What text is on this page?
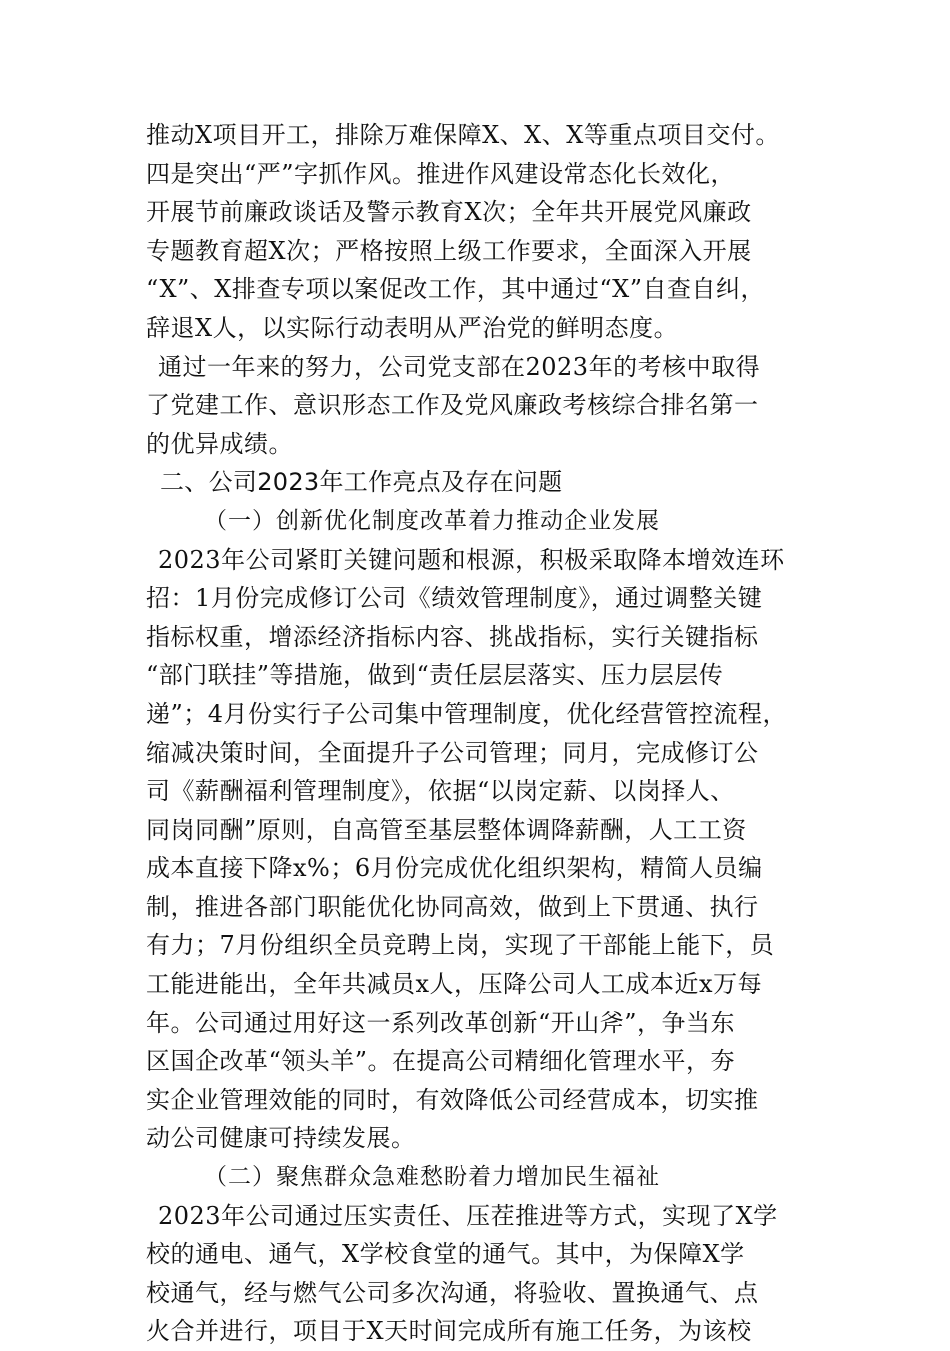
推动X项目开工，排除万难保障X、X、X等重点项目交付。
四是突出“严”字抓作风。推进作风建设常态化长效化，
开展节前廉政谈话及警示教育X次；全年共开展党风廉政
专题教育超X次；严格按照上级工作要求，全面深入开展
“X”、X排查专项以案促改工作，其中通过“X”自查自纠，
辞退X人，以实际行动表明从严治党的鲜明态度。
通过一年来的努力，公司党支部在2023年的考核中取得
了党建工作、意识形态工作及党风廉政考核综合排名第一
的优异成绩。
二、公司2023年工作亮点及存在问题
（一）创新优化制度改革着力推动企业发展
2023年公司紧盯关键问题和根源，积极采取降本增效连环
招：1月份完成修订公司《绩效管理制度》，通过调整关键
指标权重，增添经济指标内容、挑战指标，实行关键指标
“部门联挂”等措施，做到“责任层层落实、压力层层传
递”；4月份实行子公司集中管理制度，优化经营管控流程，
缩减决策时间，全面提升子公司管理；同月，完成修订公
司《薪酬福利管理制度》，依据“以岗定薪、以岗择人、
同岗同酬”原则，自高管至基层整体调降薪酬，人工工资
成本直接下降x%；6月份完成优化组织架构，精简人员编
制，推进各部门职能优化协同高效，做到上下贯通、执行
有力；7月份组织全员竞聘上岗，实现了干部能上能下，员
工能进能出，全年共减员x人，压降公司人工成本近x万每
年。公司通过用好这一系列改革创新“开山斧”，争当东
区国企改革“领头羊”。在提高公司精细化管理水平，夯
实企业管理效能的同时，有效降低公司经营成本，切实推
动公司健康可持续发展。
（二）聚焦群众急难愁盼着力增加民生福祉
2023年公司通过压实责任、压茬推进等方式，实现了X学
校的通电、通气，X学校食堂的通气。其中，为保障X学
校通气，经与燃气公司多次沟通，将验收、置换通气、点
火合并进行，项目于X天时间完成所有施工任务，为该校
